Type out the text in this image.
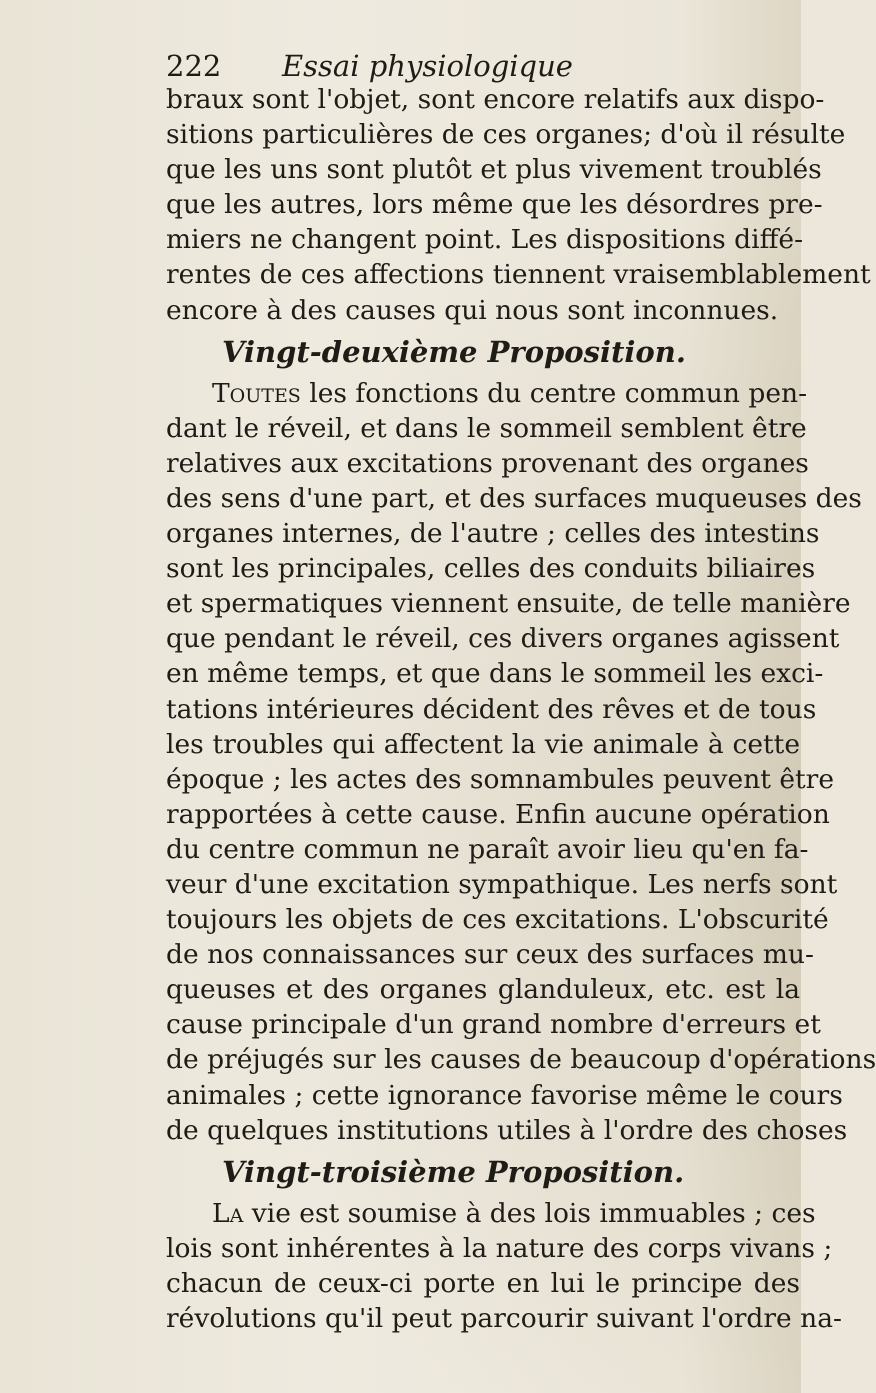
222 Essai physiologique
braux sont l'objet, sont encore relatifs aux dispo-
sitions particulières de ces organes; d'où il résulte
que les uns sont plutôt et plus vivement troublés
que les autres, lors même que les désordres pre-
miers ne changent point. Les dispositions diffé-
rentes de ces affections tiennent vraisemblablement
encore à des causes qui nous sont inconnues.
Vingt-deuxième Proposition.
Toutes les fonctions du centre commun pen-
dant le réveil, et dans le sommeil semblent être
relatives aux excitations provenant des organes
des sens d'une part, et des surfaces muqueuses des
organes internes, de l'autre ; celles des intestins
sont les principales, celles des conduits biliaires
et spermatiques viennent ensuite, de telle manière
que pendant le réveil, ces divers organes agissent
en même temps, et que dans le sommeil les exci-
tations intérieures décident des rêves et de tous
les troubles qui affectent la vie animale à cette
époque ; les actes des somnambules peuvent être
rapportées à cette cause. Enfin aucune opération
du centre commun ne paraît avoir lieu qu'en fa-
veur d'une excitation sympathique. Les nerfs sont
toujours les objets de ces excitations. L'obscurité
de nos connaissances sur ceux des surfaces mu-
queuses et des organes glanduleux, etc. est la
cause principale d'un grand nombre d'erreurs et
de préjugés sur les causes de beaucoup d'opérations
animales ; cette ignorance favorise même le cours
de quelques institutions utiles à l'ordre des choses
Vingt-troisième Proposition.
La vie est soumise à des lois immuables ; ces
lois sont inhérentes à la nature des corps vivans ;
chacun de ceux-ci porte en lui le principe des
révolutions qu'il peut parcourir suivant l'ordre na-
